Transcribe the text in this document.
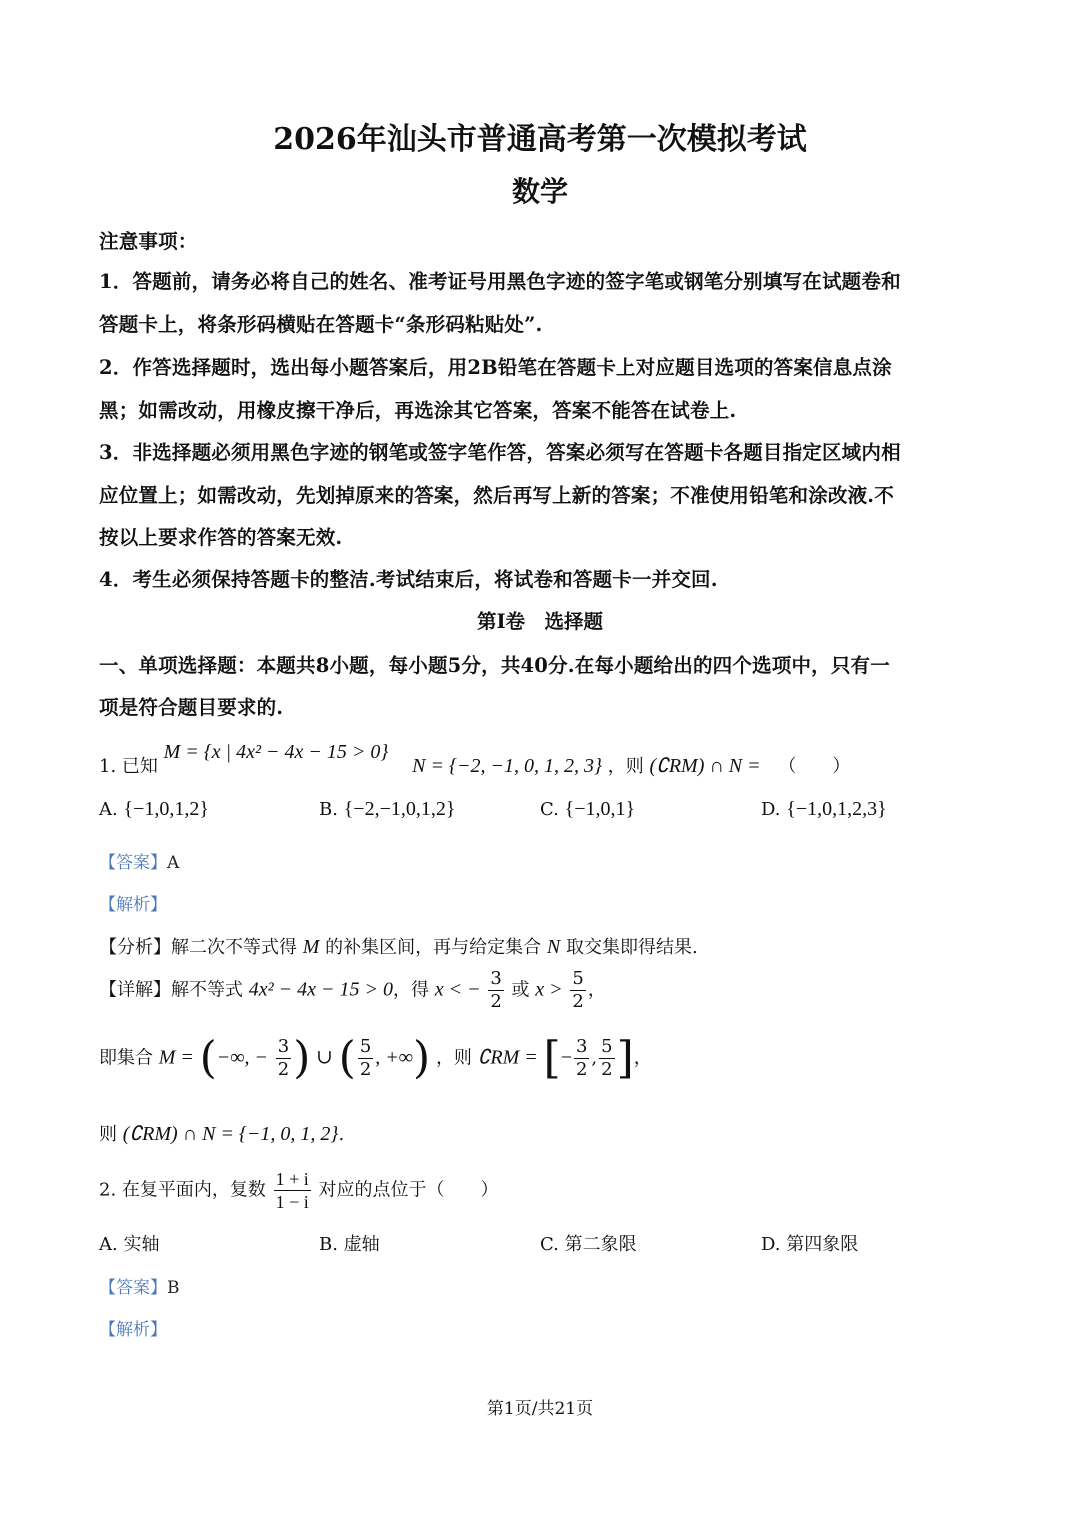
2026年汕头市普通高考第一次模拟考试
数学
注意事项：
1．答题前，请务必将自己的姓名、准考证号用黑色字迹的签字笔或钢笔分别填写在试题卷和
答题卡上，将条形码横贴在答题卡“条形码粘贴处”.
2．作答选择题时，选出每小题答案后，用2B铅笔在答题卡上对应题目选项的答案信息点涂
黑；如需改动，用橡皮擦干净后，再选涂其它答案，答案不能答在试卷上.
3．非选择题必须用黑色字迹的钢笔或签字笔作答，答案必须写在答题卡各题目指定区域内相
应位置上；如需改动，先划掉原来的答案，然后再写上新的答案；不准使用铅笔和涂改液.不
按以上要求作答的答案无效.
4．考生必须保持答题卡的整洁.考试结束后，将试卷和答题卡一并交回.
第I卷　选择题
一、单项选择题：本题共8小题，每小题5分，共40分.在每小题给出的四个选项中，只有一
项是符合题目要求的.
1. 已知 M = {x | 4x² − 4x − 15 > 0} N = {−2, −1, 0, 1, 2, 3} ，则 (∁RM) ∩ N = （　　）
A. {−1,0,1,2}	B. {−2,−1,0,1,2}	C. {−1,0,1}	D. {−1,0,1,2,3}
【答案】A
【解析】
【分析】解二次不等式得 M 的补集区间，再与给定集合 N 取交集即得结果.
【详解】解不等式 4x² − 4x − 15 > 0，得 x < − $\frac{3}{2}$ 或 $x > \frac{5}{2}$ ，
即集合 M = (−∞, − $\frac{3}{2}$ ) ∪ ( $\frac{5}{2}$ , +∞) ，则 ∁RM = [− $\frac{3}{2}$ , $\frac{5}{2}$ ]，
则 (∁RM) ∩ N = {−1, 0, 1, 2}.
2. 在复平面内，复数 $\frac{1 + i}{1 - i}$ 对应的点位于（　　）
A. 实轴	B. 虚轴	C. 第二象限	D. 第四象限
【答案】B
【解析】
第1页/共21页
